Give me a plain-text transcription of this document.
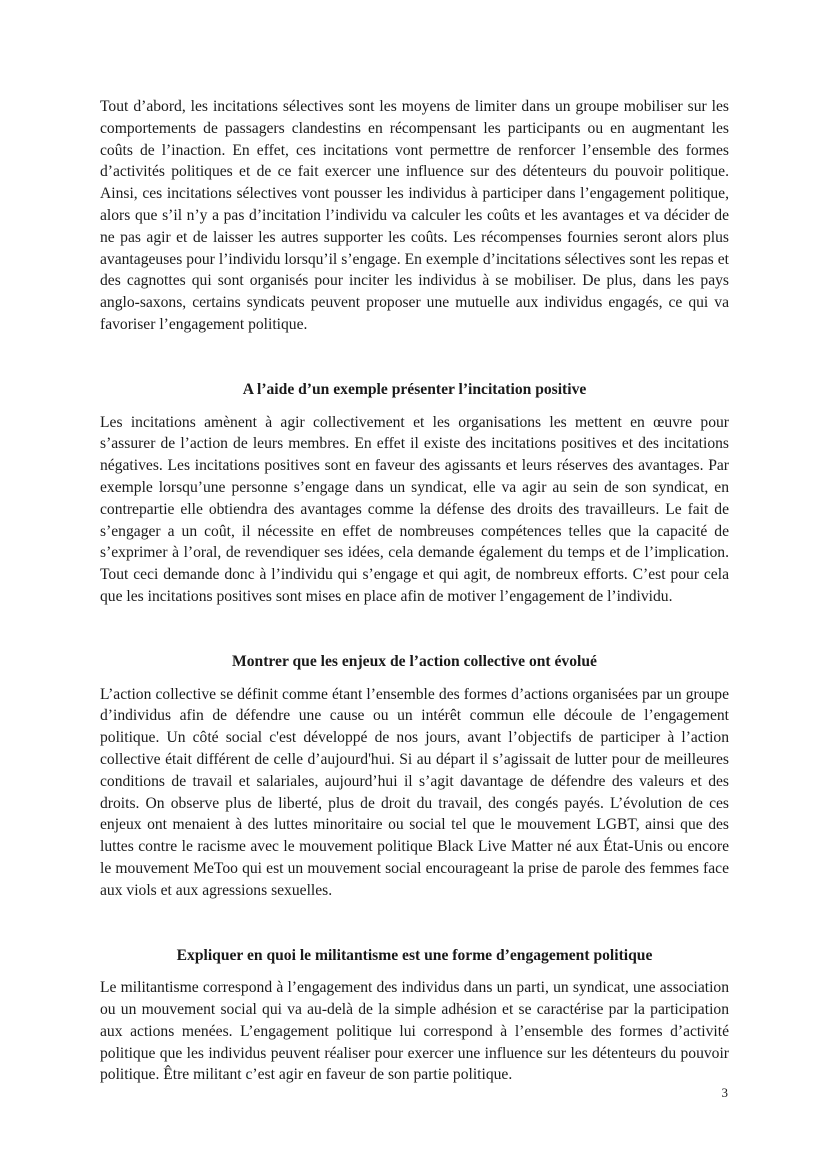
Tout d’abord, les incitations sélectives sont les moyens de limiter dans un groupe mobiliser sur les comportements de passagers clandestins en récompensant les participants ou en augmentant les coûts de l’inaction. En effet, ces incitations vont permettre de renforcer l’ensemble des formes d’activités politiques et de ce fait exercer une influence sur des détenteurs du pouvoir politique. Ainsi, ces incitations sélectives vont pousser les individus à participer dans l’engagement politique, alors que s’il n’y a pas d’incitation l’individu va calculer les coûts et les avantages et va décider de ne pas agir et de laisser les autres supporter les coûts. Les récompenses fournies seront alors plus avantageuses pour l’individu lorsqu’il s’engage. En exemple d’incitations sélectives sont les repas et des cagnottes qui sont organisés pour inciter les individus à se mobiliser. De plus, dans les pays anglo-saxons, certains syndicats peuvent proposer une mutuelle aux individus engagés, ce qui va favoriser l’engagement politique.

A l’aide d’un exemple présenter l’incitation positive

Les incitations amènent à agir collectivement et les organisations les mettent en œuvre pour s’assurer de l’action de leurs membres. En effet il existe des incitations positives et des incitations négatives. Les incitations positives sont en faveur des agissants et leurs réserves des avantages. Par exemple lorsqu’une personne s’engage dans un syndicat, elle va agir au sein de son syndicat, en contrepartie elle obtiendra des avantages comme la défense des droits des travailleurs. Le fait de s’engager a un coût, il nécessite en effet de nombreuses compétences telles que la capacité de s’exprimer à l’oral, de revendiquer ses idées, cela demande également du temps et de l’implication. Tout ceci demande donc à l’individu qui s’engage et qui agit, de nombreux efforts. C’est pour cela que les incitations positives sont mises en place afin de motiver l’engagement de l’individu.

Montrer que les enjeux de l’action collective ont évolué

L’action collective se définit comme étant l’ensemble des formes d’actions organisées par un groupe d’individus afin de défendre une cause ou un intérêt commun elle découle de l’engagement politique. Un côté social c'est développé de nos jours, avant l’objectifs de participer à l’action collective était différent de celle d’aujourd'hui. Si au départ il s’agissait de lutter pour de meilleures conditions de travail et salariales, aujourd’hui il s’agit davantage de défendre des valeurs et des droits. On observe plus de liberté, plus de droit du travail, des congés payés. L’évolution de ces enjeux ont menaient à des luttes minoritaire ou social tel que le mouvement LGBT, ainsi que des luttes contre le racisme avec le mouvement politique Black Live Matter né aux État-Unis ou encore le mouvement MeToo qui est un mouvement social encourageant la prise de parole des femmes face aux viols et aux agressions sexuelles.

Expliquer en quoi le militantisme est une forme d’engagement politique

Le militantisme correspond à l’engagement des individus dans un parti, un syndicat, une association ou un mouvement social qui va au-delà de la simple adhésion et se caractérise par la participation aux actions menées. L’engagement politique lui correspond à l’ensemble des formes d’activité politique que les individus peuvent réaliser pour exercer une influence sur les détenteurs du pouvoir politique. Être militant c’est agir en faveur de son partie politique.

3
